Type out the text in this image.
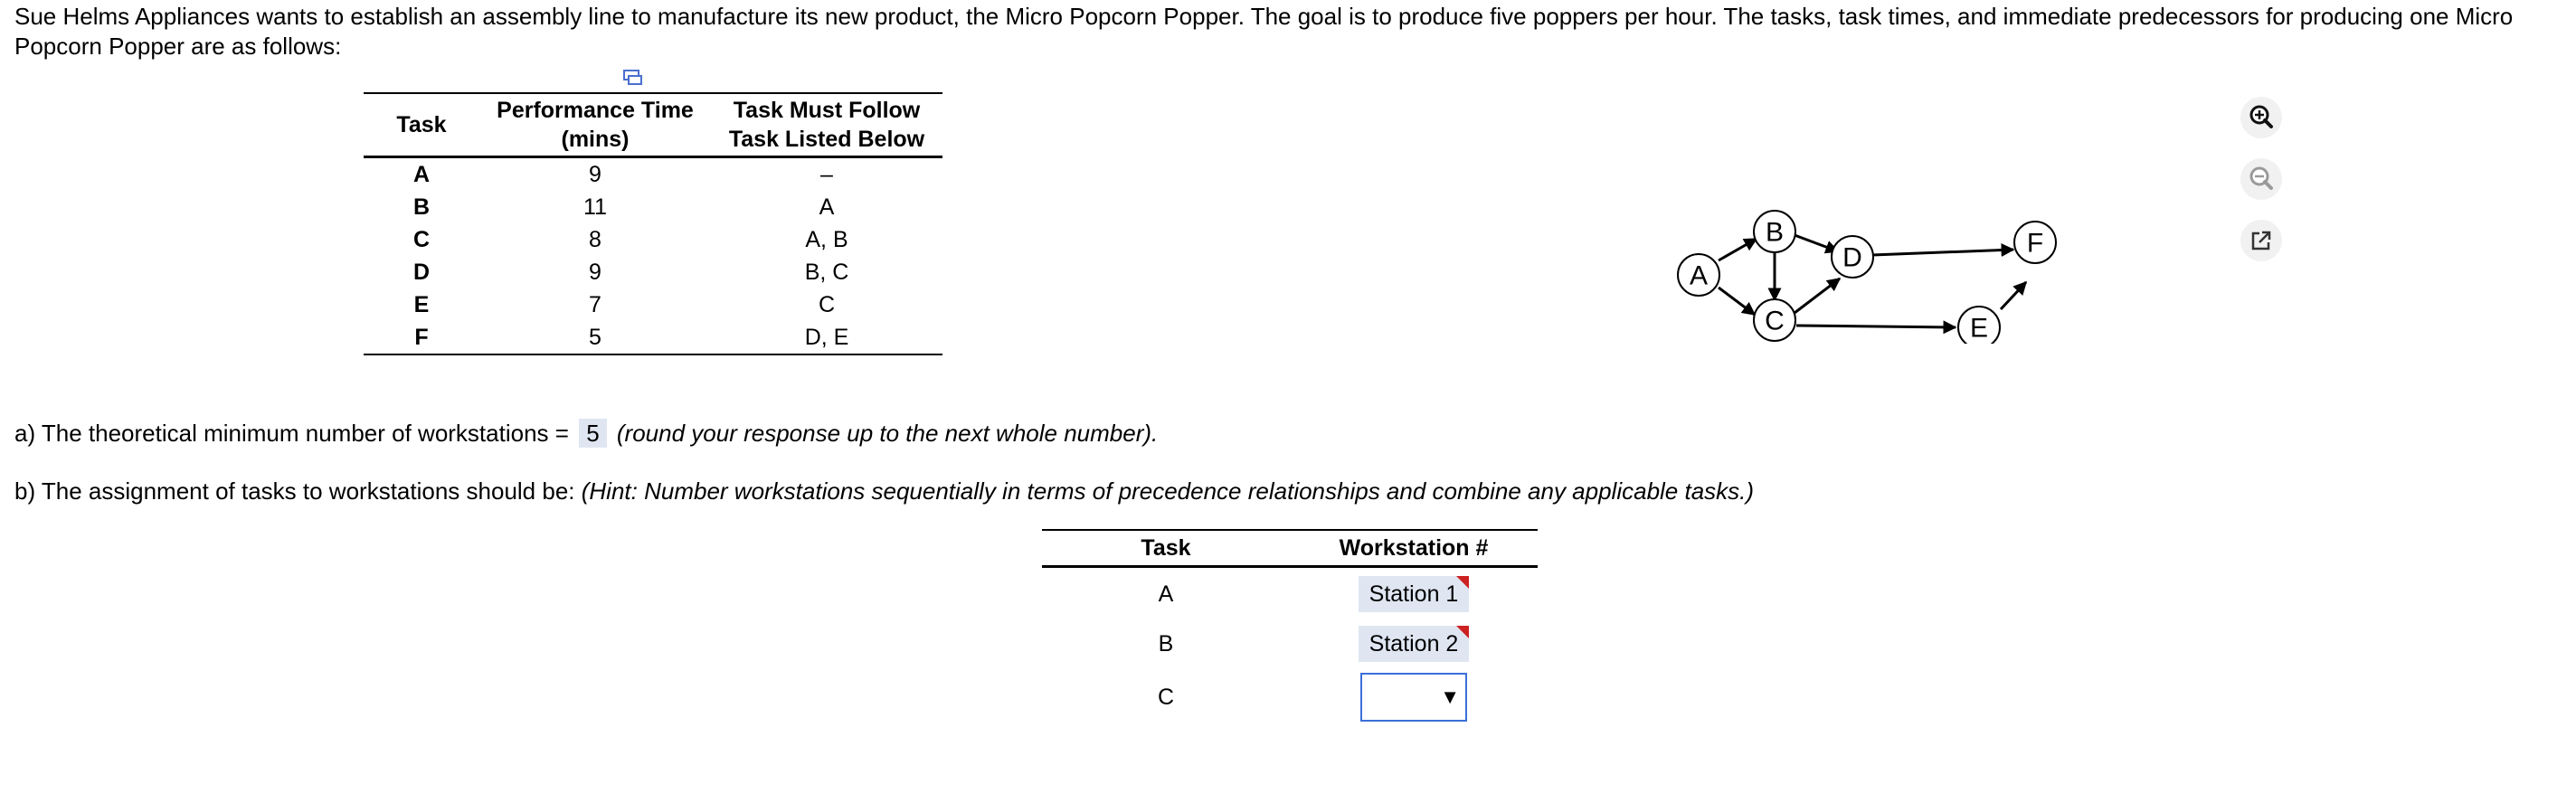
Sue Helms Appliances wants to establish an assembly line to manufacture its new product, the Micro Popcorn Popper. The goal is to produce five poppers per hour. The tasks, task times, and immediate predecessors for producing one Micro Popcorn Popper are as follows:

Task	Performance Time (mins)	Task Must Follow Task Listed Below
A	9	–
B	11	A
C	8	A, B
D	9	B, C
E	7	C
F	5	D, E
A
B
C
D
E
F
a) The theoretical minimum number of workstations = 5 (round your response up to the next whole number).
b) The assignment of tasks to workstations should be: (Hint: Number workstations sequentially in terms of precedence relationships and combine any applicable tasks.)
Task	Workstation #
A	Station 1

B	Station 2

C	▼
